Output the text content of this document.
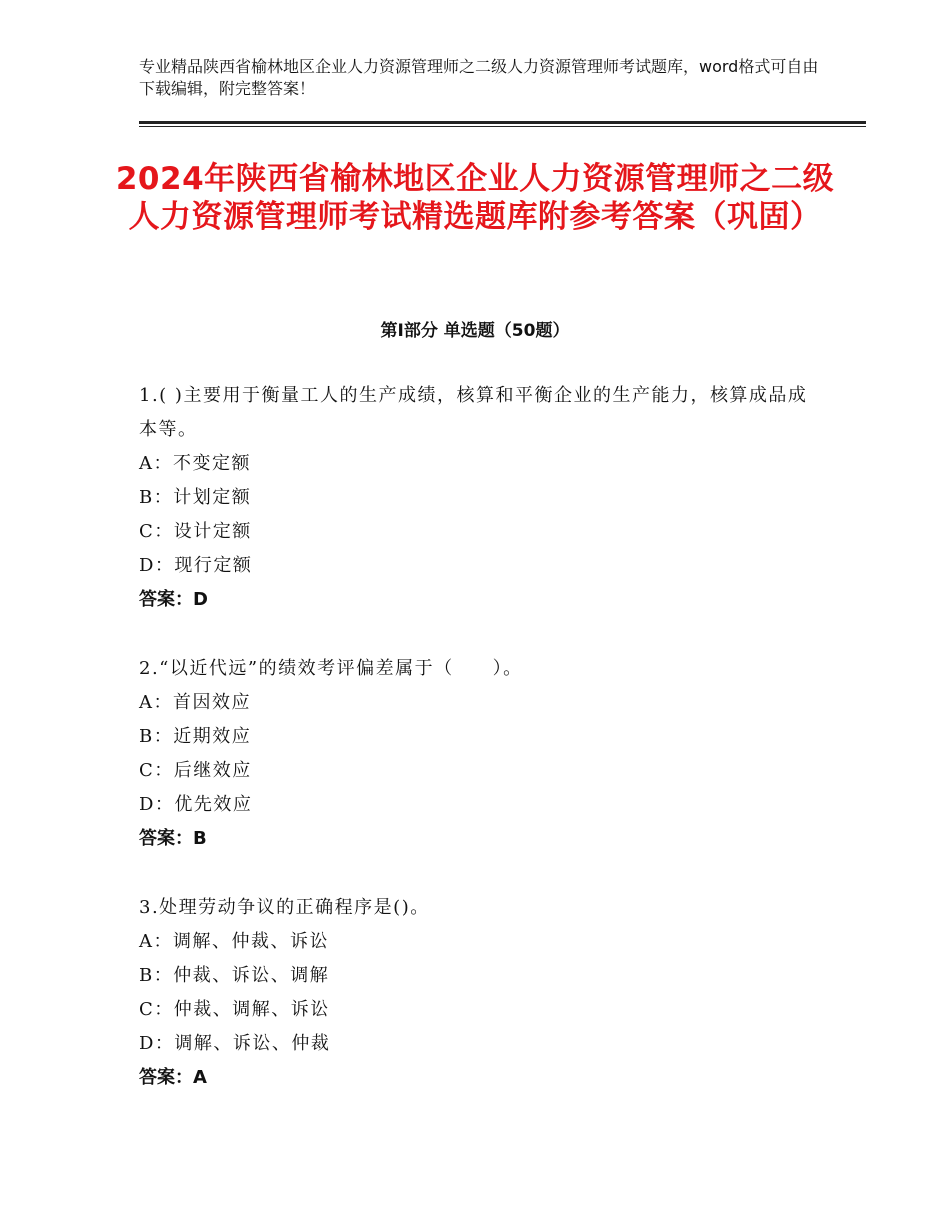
专业精品陕西省榆林地区企业人力资源管理师之二级人力资源管理师考试题库，word格式可自由下载编辑，附完整答案！
2024年陕西省榆林地区企业人力资源管理师之二级人力资源管理师考试精选题库附参考答案（巩固）
第Ⅰ部分 单选题（50题）

1.( )主要用于衡量工人的生产成绩，核算和平衡企业的生产能力，核算成品成本等。

A：不变定额

B：计划定额

C：设计定额

D：现行定额

答案：D

2.“以近代远”的绩效考评偏差属于（　　）。

A：首因效应

B：近期效应

C：后继效应

D：优先效应

答案：B

3.处理劳动争议的正确程序是()。

A：调解、仲裁、诉讼

B：仲裁、诉讼、调解

C：仲裁、调解、诉讼

D：调解、诉讼、仲裁

答案：A
